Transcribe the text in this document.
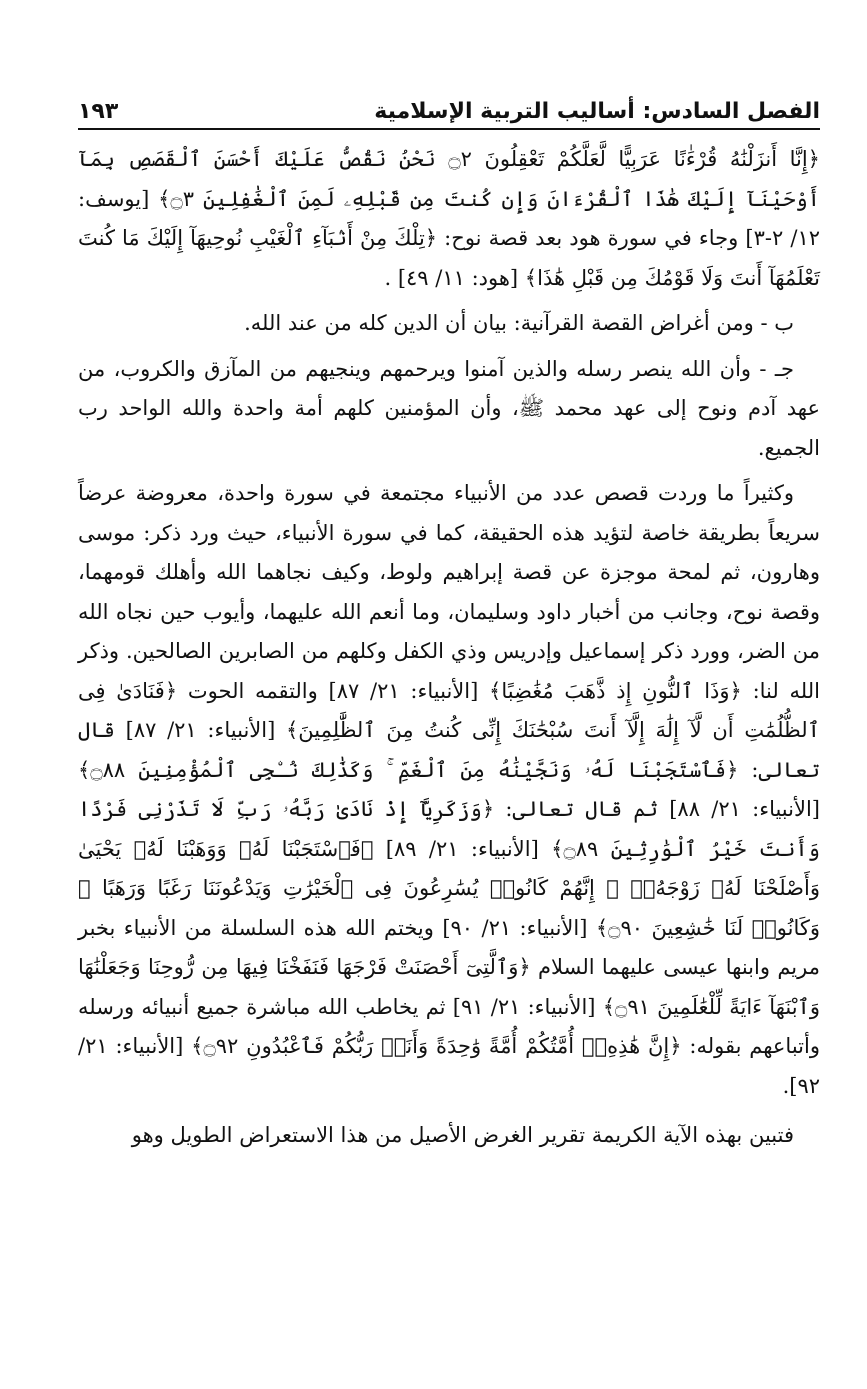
الفصل السادس: أساليب التربية الإسلامية
١٩٣

﴿إِنَّا أَنزَلْنَٰهُ قُرْءَٰنًا عَرَبِيًّا لَّعَلَّكُمْ تَعْقِلُونَ ۝٢ نَحْنُ نَقُصُّ عَلَيْكَ أَحْسَنَ ٱلْقَصَصِ بِمَآ أَوْحَيْنَآ إِلَيْكَ هَٰذَا ٱلْقُرْءَانَ وَإِن كُنتَ مِن قَبْلِهِۦ لَمِنَ ٱلْغَٰفِلِينَ ۝٣﴾ [يوسف: ١٢/ ٢-٣] وجاء في سورة هود بعد قصة نوح: ﴿تِلْكَ مِنْ أَنۢبَآءِ ٱلْغَيْبِ نُوحِيهَآ إِلَيْكَ مَا كُنتَ تَعْلَمُهَآ أَنتَ وَلَا قَوْمُكَ مِن قَبْلِ هَٰذَا﴾ [هود: ١١/ ٤٩] .

ب - ومن أغراض القصة القرآنية: بيان أن الدين كله من عند الله.

جـ - وأن الله ينصر رسله والذين آمنوا ويرحمهم وينجيهم من المآزق والكروب، من عهد آدم ونوح إلى عهد محمد ﷺ، وأن المؤمنين كلهم أمة واحدة والله الواحد رب الجميع.

وكثيراً ما وردت قصص عدد من الأنبياء مجتمعة في سورة واحدة، معروضة عرضاً سريعاً بطريقة خاصة لتؤيد هذه الحقيقة، كما في سورة الأنبياء، حيث ورد ذكر: موسى وهارون، ثم لمحة موجزة عن قصة إبراهيم ولوط، وكيف نجاهما الله وأهلك قومهما، وقصة نوح، وجانب من أخبار داود وسليمان، وما أنعم الله عليهما، وأيوب حين نجاه الله من الضر، وورد ذكر إسماعيل وإدريس وذي الكفل وكلهم من الصابرين الصالحين. وذكر الله لنا: ﴿وَذَا ٱلنُّونِ إِذ ذَّهَبَ مُغَٰضِبًا﴾ [الأنبياء: ٢١/ ٨٧] والتقمه الحوت ﴿فَنَادَىٰ فِى ٱلظُّلُمَٰتِ أَن لَّآ إِلَٰهَ إِلَّآ أَنتَ سُبْحَٰنَكَ إِنِّى كُنتُ مِنَ ٱلظَّٰلِمِينَ﴾ [الأنبياء: ٢١/ ٨٧] قال تعالى: ﴿فَٱسْتَجَبْنَا لَهُۥ وَنَجَّيْنَٰهُ مِنَ ٱلْغَمِّ ۚ وَكَذَٰلِكَ نُـۨجِى ٱلْمُؤْمِنِينَ ۝٨٨﴾ [الأنبياء: ٢١/ ٨٨] ثم قال تعالى: ﴿وَزَكَرِيَّآ إِذْ نَادَىٰ رَبَّهُۥ رَبِّ لَا تَذَرْنِى فَرْدًا وَأَنتَ خَيْرُ ٱلْوَٰرِثِينَ ۝٨٩﴾ [الأنبياء: ٢١/ ٨٩] ﴿فَٱسْتَجَبْنَا لَهُۥ وَوَهَبْنَا لَهُۥ يَحْيَىٰ وَأَصْلَحْنَا لَهُۥ زَوْجَهُۥٓ ۚ إِنَّهُمْ كَانُوا۟ يُسَٰرِعُونَ فِى ٱلْخَيْرَٰتِ وَيَدْعُونَنَا رَغَبًا وَرَهَبًا ۖ وَكَانُوا۟ لَنَا خَٰشِعِينَ ۝٩٠﴾ [الأنبياء: ٢١/ ٩٠] ويختم الله هذه السلسلة من الأنبياء بخبر مريم وابنها عيسى عليهما السلام ﴿وَٱلَّتِىٓ أَحْصَنَتْ فَرْجَهَا فَنَفَخْنَا فِيهَا مِن رُّوحِنَا وَجَعَلْنَٰهَا وَٱبْنَهَآ ءَايَةً لِّلْعَٰلَمِينَ ۝٩١﴾ [الأنبياء: ٢١/ ٩١] ثم يخاطب الله مباشرة جميع أنبيائه ورسله وأتباعهم بقوله: ﴿إِنَّ هَٰذِهِۦٓ أُمَّتُكُمْ أُمَّةً وَٰحِدَةً وَأَنَا۠ رَبُّكُمْ فَٱعْبُدُونِ ۝٩٢﴾ [الأنبياء: ٢١/ ٩٢].

فتبين بهذه الآية الكريمة تقرير الغرض الأصيل من هذا الاستعراض الطويل وهو
